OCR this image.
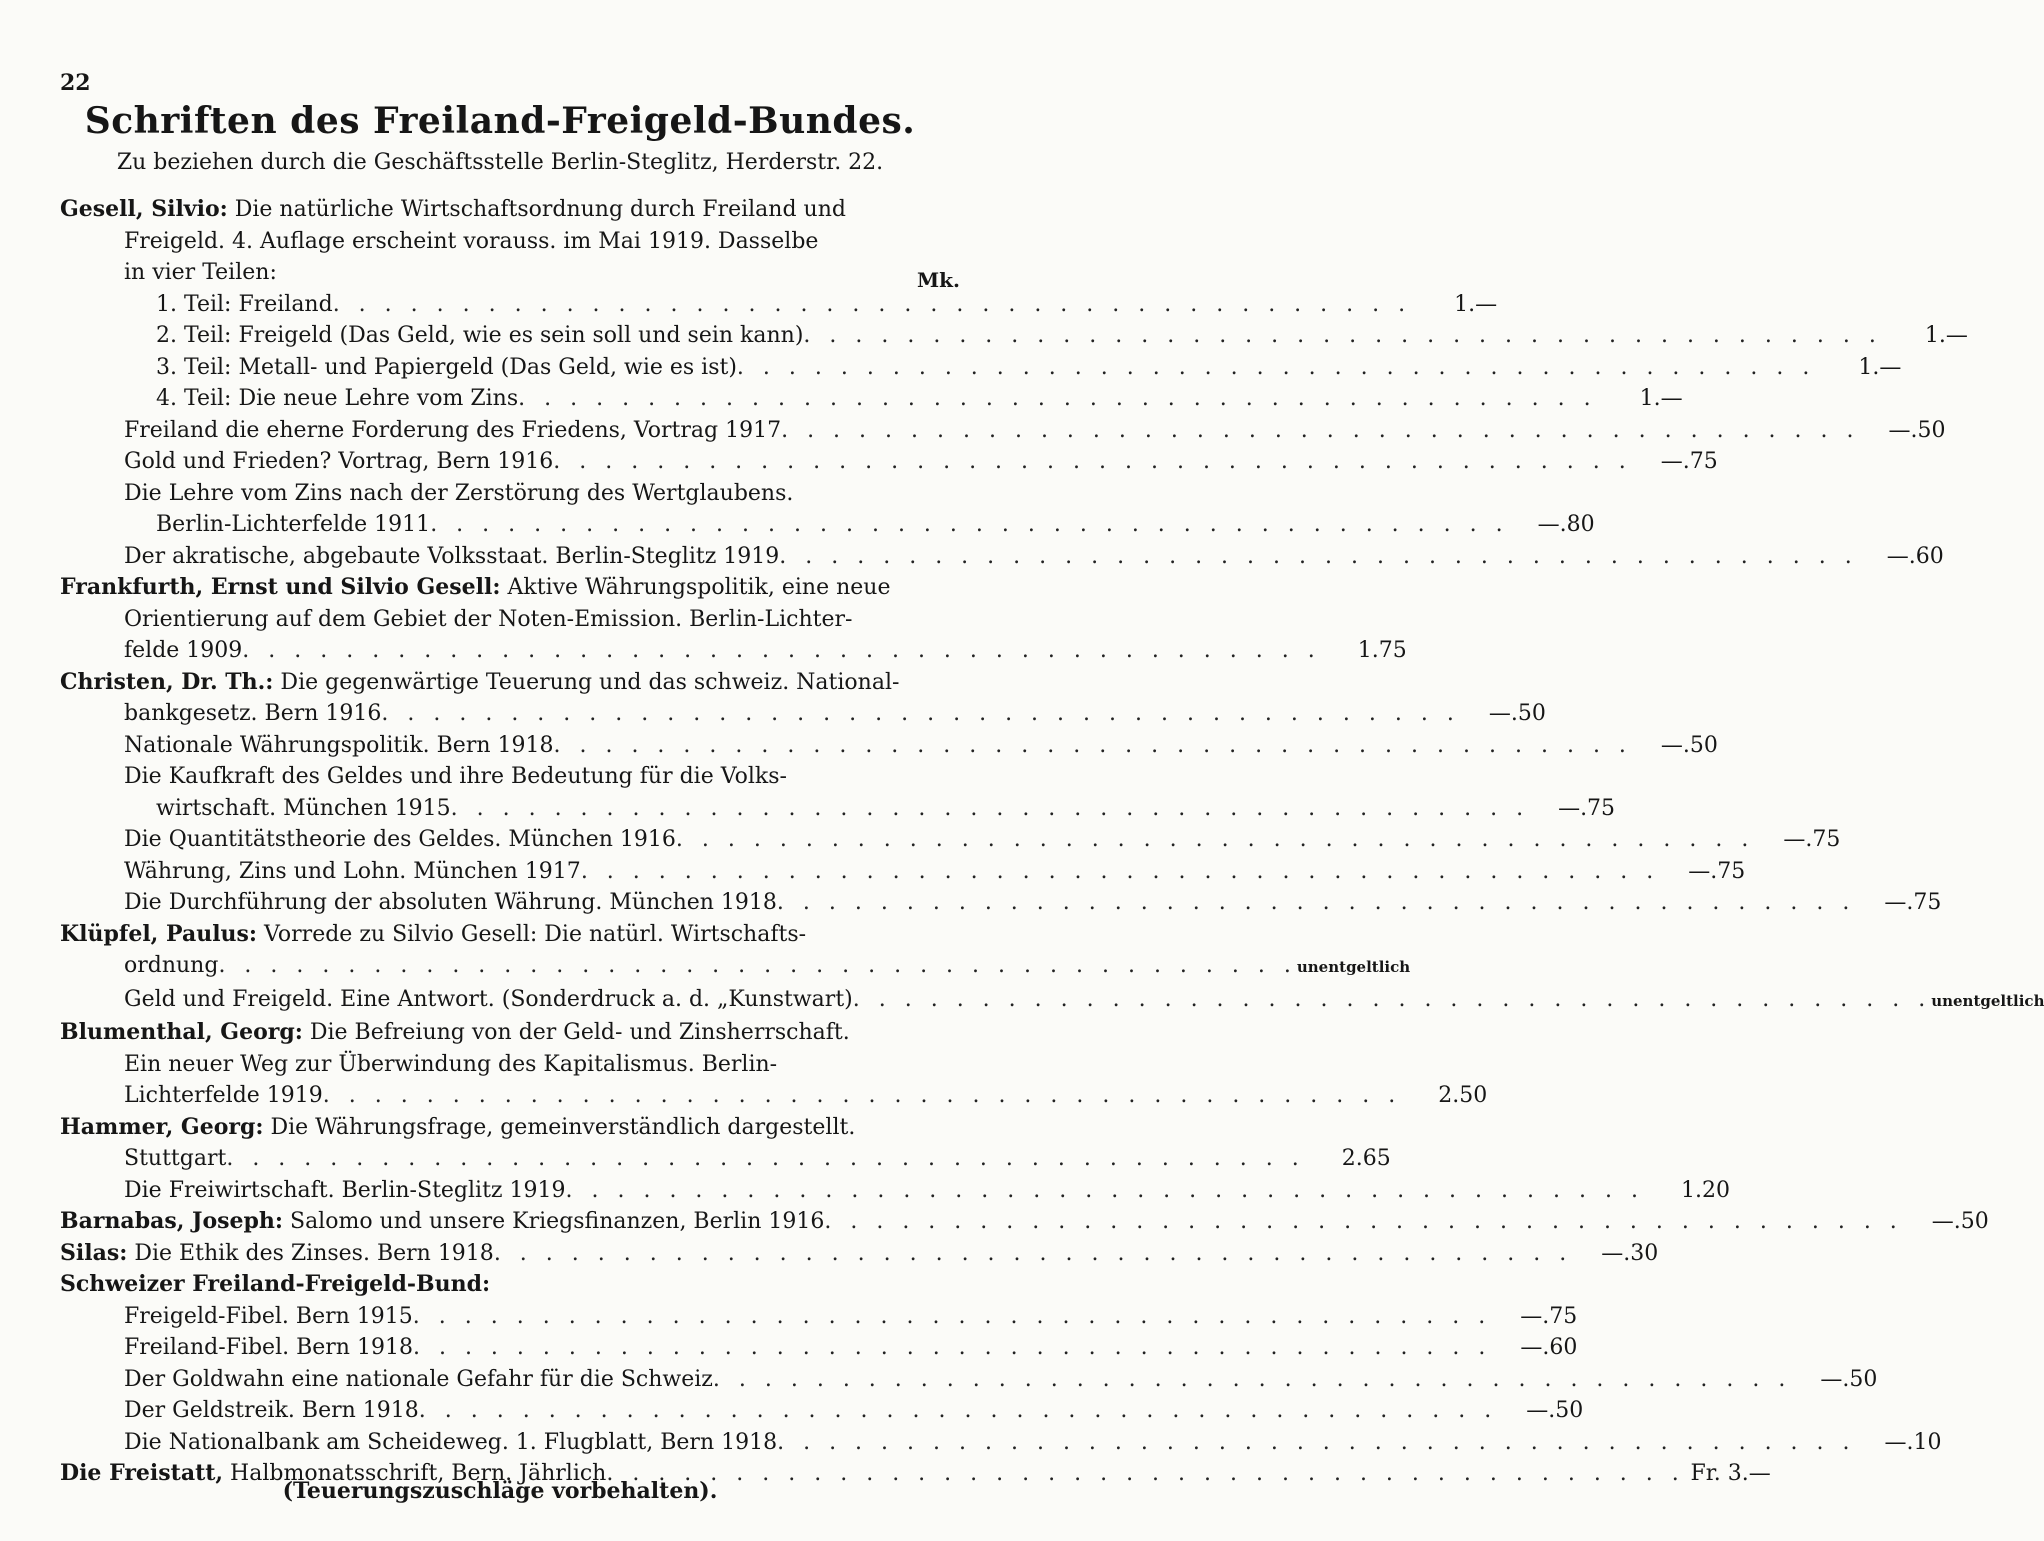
22
Schriften des Freiland-Freigeld-Bundes.
Zu beziehen durch die Geschäftsstelle Berlin-Steglitz, Herderstr. 22.
Mk.
Gesell, Silvio: Die natürliche Wirtschaftsordnung durch Freiland und
Freigeld. 4. Auflage erscheint vorauss. im Mai 1919. Dasselbe
in vier Teilen:
1. Teil: Freiland . . . . . . . . . . . . . . . . . . . . . . . . . . . . . . . . . . . . . . . . . .	1.—
2. Teil: Freigeld (Das Geld, wie es sein soll und sein kann) . . . . . . . . . . . . . . . . . . . . . . . . . . . . . . . . . . . . . . . . . .	1.—
3. Teil: Metall- und Papiergeld (Das Geld, wie es ist) . . . . . . . . . . . . . . . . . . . . . . . . . . . . . . . . . . . . . . . . . .	1.—
4. Teil: Die neue Lehre vom Zins . . . . . . . . . . . . . . . . . . . . . . . . . . . . . . . . . . . . . . . . . .	1.—
Freiland die eherne Forderung des Friedens, Vortrag 1917 . . . . . . . . . . . . . . . . . . . . . . . . . . . . . . . . . . . . . . . . . .	—.50
Gold und Frieden? Vortrag, Bern 1916 . . . . . . . . . . . . . . . . . . . . . . . . . . . . . . . . . . . . . . . . . .	—.75
Die Lehre vom Zins nach der Zerstörung des Wertglaubens.
Berlin-Lichterfelde 1911 . . . . . . . . . . . . . . . . . . . . . . . . . . . . . . . . . . . . . . . . . .	—.80
Der akratische, abgebaute Volksstaat. Berlin-Steglitz 1919 . . . . . . . . . . . . . . . . . . . . . . . . . . . . . . . . . . . . . . . . . .	—.60
Frankfurth, Ernst und Silvio Gesell: Aktive Währungspolitik, eine neue
Orientierung auf dem Gebiet der Noten-Emission. Berlin-Lichter-
felde 1909 . . . . . . . . . . . . . . . . . . . . . . . . . . . . . . . . . . . . . . . . . .	1.75
Christen, Dr. Th.: Die gegenwärtige Teuerung und das schweiz. National-
bankgesetz. Bern 1916 . . . . . . . . . . . . . . . . . . . . . . . . . . . . . . . . . . . . . . . . . .	—.50
Nationale Währungspolitik. Bern 1918 . . . . . . . . . . . . . . . . . . . . . . . . . . . . . . . . . . . . . . . . . .	—.50
Die Kaufkraft des Geldes und ihre Bedeutung für die Volks-
wirtschaft. München 1915 . . . . . . . . . . . . . . . . . . . . . . . . . . . . . . . . . . . . . . . . . .	—.75
Die Quantitätstheorie des Geldes. München 1916 . . . . . . . . . . . . . . . . . . . . . . . . . . . . . . . . . . . . . . . . . .	—.75
Währung, Zins und Lohn. München 1917 . . . . . . . . . . . . . . . . . . . . . . . . . . . . . . . . . . . . . . . . . .	—.75
Die Durchführung der absoluten Währung. München 1918 . . . . . . . . . . . . . . . . . . . . . . . . . . . . . . . . . . . . . . . . . .	—.75
Klüpfel, Paulus: Vorrede zu Silvio Gesell: Die natürl. Wirtschafts-
ordnung . . . . . . . . . . . . . . . . . . . . . . . . . . . . . . . . . . . . . . . . . . unentgeltlich
Geld und Freigeld. Eine Antwort. (Sonderdruck a. d. „Kunstwart) . . . . . . . . . . . . . . . . . . . . . . . . . . . . . . . . . . . . . . . . . . unentgeltlich
Blumenthal, Georg: Die Befreiung von der Geld- und Zinsherrschaft.
Ein neuer Weg zur Überwindung des Kapitalismus. Berlin-
Lichterfelde 1919 . . . . . . . . . . . . . . . . . . . . . . . . . . . . . . . . . . . . . . . . . .	2.50
Hammer, Georg: Die Währungsfrage, gemeinverständlich dargestellt.
Stuttgart . . . . . . . . . . . . . . . . . . . . . . . . . . . . . . . . . . . . . . . . . .	2.65
Die Freiwirtschaft. Berlin-Steglitz 1919 . . . . . . . . . . . . . . . . . . . . . . . . . . . . . . . . . . . . . . . . . .	1.20
Barnabas, Joseph: Salomo und unsere Kriegsfinanzen, Berlin 1916 . . . . . . . . . . . . . . . . . . . . . . . . . . . . . . . . . . . . . . . . . .	—.50
Silas: Die Ethik des Zinses. Bern 1918 . . . . . . . . . . . . . . . . . . . . . . . . . . . . . . . . . . . . . . . . . .	—.30
Schweizer Freiland-Freigeld-Bund:
Freigeld-Fibel. Bern 1915 . . . . . . . . . . . . . . . . . . . . . . . . . . . . . . . . . . . . . . . . . .	—.75
Freiland-Fibel. Bern 1918 . . . . . . . . . . . . . . . . . . . . . . . . . . . . . . . . . . . . . . . . . .	—.60
Der Goldwahn eine nationale Gefahr für die Schweiz . . . . . . . . . . . . . . . . . . . . . . . . . . . . . . . . . . . . . . . . . .	—.50
Der Geldstreik. Bern 1918 . . . . . . . . . . . . . . . . . . . . . . . . . . . . . . . . . . . . . . . . . .	—.50
Die Nationalbank am Scheideweg. 1. Flugblatt, Bern 1918 . . . . . . . . . . . . . . . . . . . . . . . . . . . . . . . . . . . . . . . . . .	—.10
Die Freistatt, Halbmonatsschrift, Bern. Jährlich . . . . . . . . . . . . . . . . . . . . . . . . . . . . . . . . . . . . . . . . . . Fr. 3.—
(Teuerungszuschläge vorbehalten).
